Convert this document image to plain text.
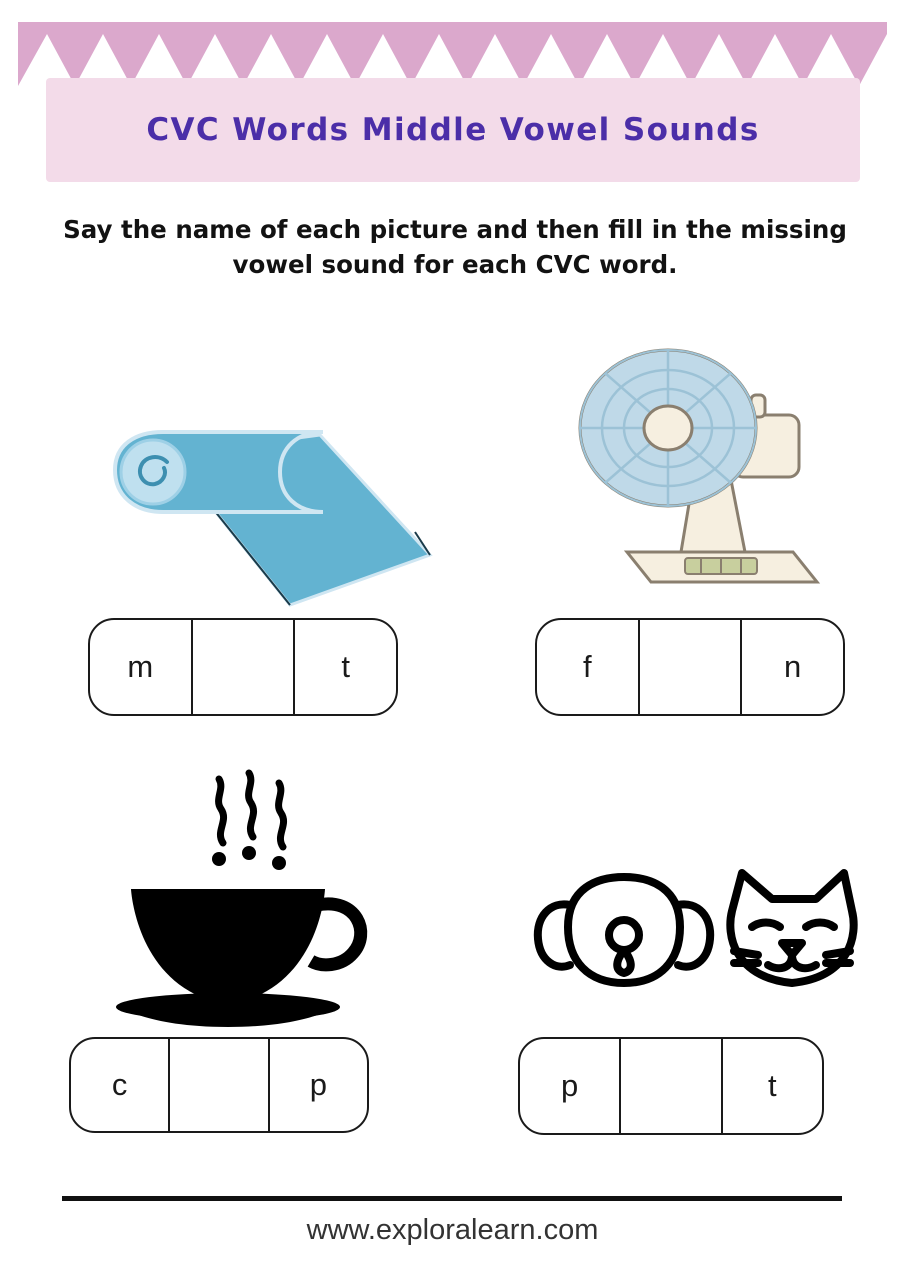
CVC Words Middle Vowel Sounds
Say the name of each picture and then fill in the missing vowel sound for each CVC word.
m	t	f	n
c	p	p	t
www.exploralearn.com
